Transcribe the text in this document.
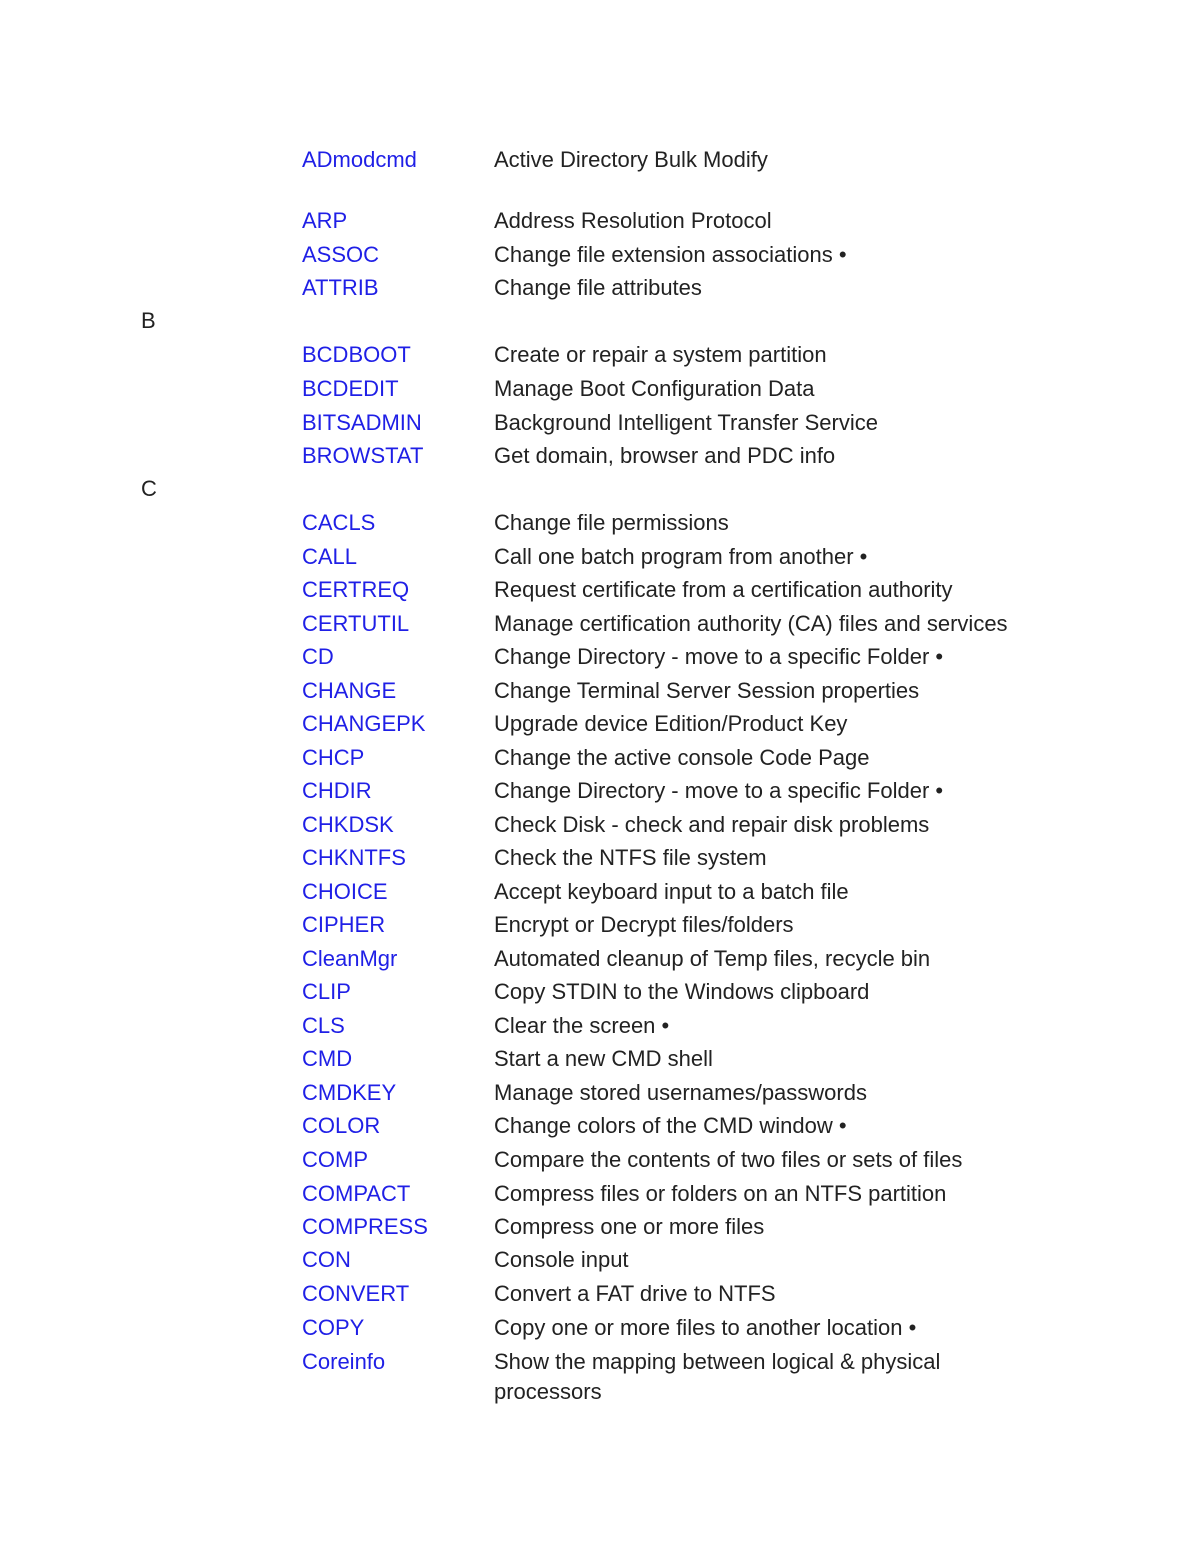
ADmodcmd	Active Directory Bulk Modify
ARP	Address Resolution Protocol
ASSOC	Change file extension associations •
ATTRIB	Change file attributes
B
BCDBOOT	Create or repair a system partition
BCDEDIT	Manage Boot Configuration Data
BITSADMIN	Background Intelligent Transfer Service
BROWSTAT	Get domain, browser and PDC info
C
CACLS	Change file permissions
CALL	Call one batch program from another •
CERTREQ	Request certificate from a certification authority
CERTUTIL	Manage certification authority (CA) files and services
CD	Change Directory - move to a specific Folder •
CHANGE	Change Terminal Server Session properties
CHANGEPK	Upgrade device Edition/Product Key
CHCP	Change the active console Code Page
CHDIR	Change Directory - move to a specific Folder •
CHKDSK	Check Disk - check and repair disk problems
CHKNTFS	Check the NTFS file system
CHOICE	Accept keyboard input to a batch file
CIPHER	Encrypt or Decrypt files/folders
CleanMgr	Automated cleanup of Temp files, recycle bin
CLIP	Copy STDIN to the Windows clipboard
CLS	Clear the screen •
CMD	Start a new CMD shell
CMDKEY	Manage stored usernames/passwords
COLOR	Change colors of the CMD window •
COMP	Compare the contents of two files or sets of files
COMPACT	Compress files or folders on an NTFS partition
COMPRESS	Compress one or more files
CON	Console input
CONVERT	Convert a FAT drive to NTFS
COPY	Copy one or more files to another location •
Coreinfo	Show the mapping between logical & physical processors
